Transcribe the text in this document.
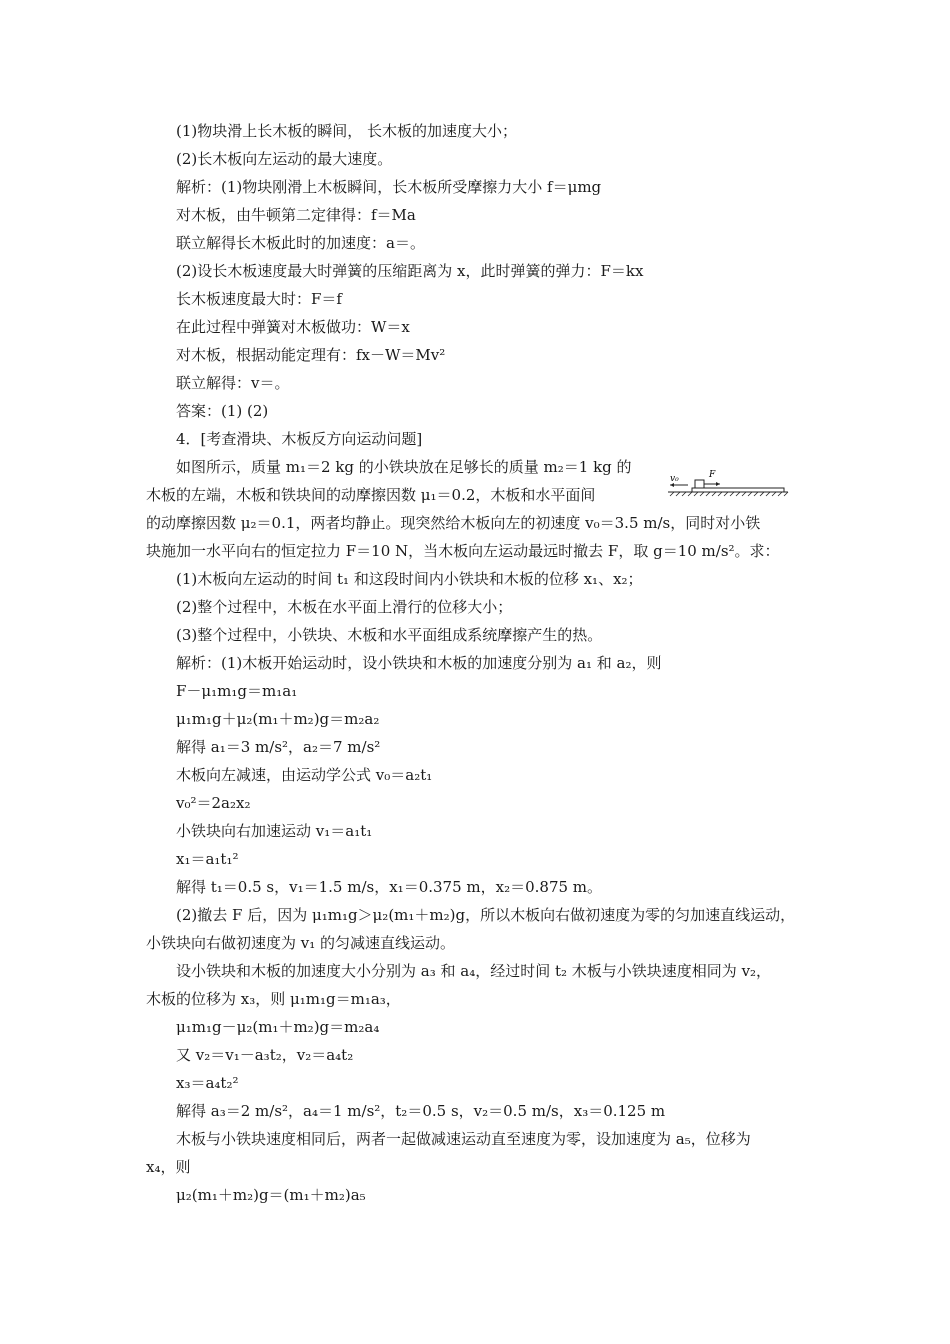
(1)物块滑上长木板的瞬间， 长木板的加速度大小；
(2)长木板向左运动的最大速度。
解析：(1)物块刚滑上木板瞬间，长木板所受摩擦力大小 f＝μmg
对木板，由牛顿第二定律得：f＝Ma
联立解得长木板此时的加速度：a＝。
(2)设长木板速度最大时弹簧的压缩距离为 x，此时弹簧的弹力：F＝kx
长木板速度最大时：F＝f
在此过程中弹簧对木板做功：W＝x
对木板，根据动能定理有：fx－W＝Mv²
联立解得：v＝。
答案：(1) (2)
4．[考查滑块、木板反方向运动问题]
如图所示，质量 m₁＝2 kg 的小铁块放在足够长的质量 m₂＝1 kg 的
木板的左端，木板和铁块间的动摩擦因数 μ₁＝0.2，木板和水平面间
的动摩擦因数 μ₂＝0.1，两者均静止。现突然给木板向左的初速度 v₀＝3.5 m/s，同时对小铁
块施加一水平向右的恒定拉力 F＝10 N，当木板向左运动最远时撤去 F，取 g＝10 m/s²。求：
(1)木板向左运动的时间 t₁ 和这段时间内小铁块和木板的位移 x₁、x₂；
(2)整个过程中，木板在水平面上滑行的位移大小；
(3)整个过程中，小铁块、木板和水平面组成系统摩擦产生的热。
解析：(1)木板开始运动时，设小铁块和木板的加速度分别为 a₁ 和 a₂，则
F－μ₁m₁g＝m₁a₁
μ₁m₁g＋μ₂(m₁＋m₂)g＝m₂a₂
解得 a₁＝3 m/s²，a₂＝7 m/s²
木板向左减速，由运动学公式 v₀＝a₂t₁
v₀²＝2a₂x₂
小铁块向右加速运动 v₁＝a₁t₁
x₁＝a₁t₁²
解得 t₁＝0.5 s，v₁＝1.5 m/s，x₁＝0.375 m，x₂＝0.875 m。
(2)撤去 F 后，因为 μ₁m₁g＞μ₂(m₁＋m₂)g，所以木板向右做初速度为零的匀加速直线运动，
小铁块向右做初速度为 v₁ 的匀减速直线运动。
设小铁块和木板的加速度大小分别为 a₃ 和 a₄，经过时间 t₂ 木板与小铁块速度相同为 v₂，
木板的位移为 x₃，则 μ₁m₁g＝m₁a₃，
μ₁m₁g－μ₂(m₁＋m₂)g＝m₂a₄
又 v₂＝v₁－a₃t₂，v₂＝a₄t₂
x₃＝a₄t₂²
解得 a₃＝2 m/s²，a₄＝1 m/s²，t₂＝0.5 s，v₂＝0.5 m/s，x₃＝0.125 m
木板与小铁块速度相同后，两者一起做减速运动直至速度为零，设加速度为 a₅，位移为
x₄，则
μ₂(m₁＋m₂)g＝(m₁＋m₂)a₅
v₀	F
